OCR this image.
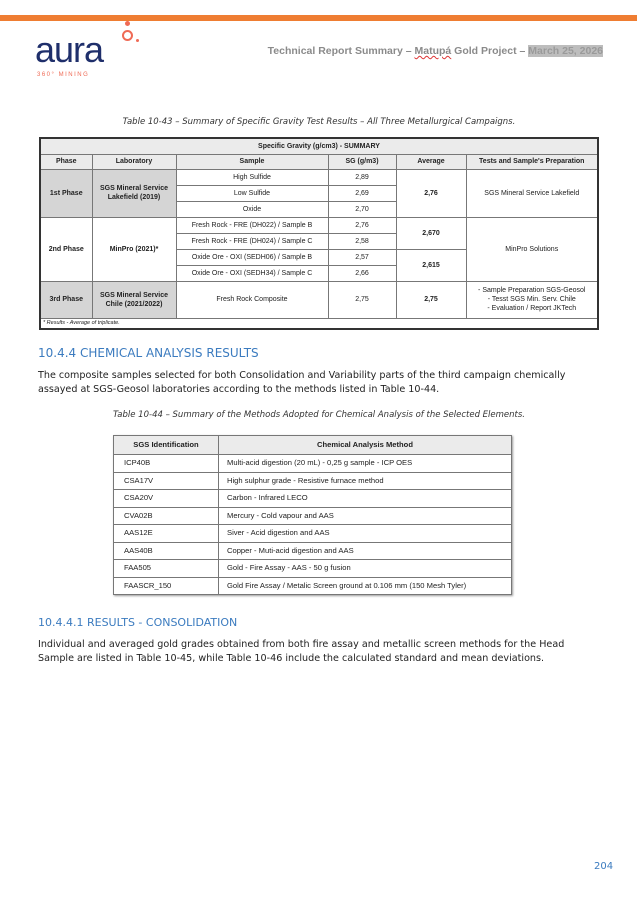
aura
360° MINING
Technical Report Summary – Matupá Gold Project – March 25, 2026
Table 10-43 – Summary of Specific Gravity Test Results – All Three Metallurgical Campaigns.
Specific Gravity (g/cm3) - SUMMARY					
Phase	Laboratory	Sample	SG (g/m3)	Average	Tests and Sample's Preparation
1st Phase	SGS Mineral Service Lakefield (2019)	High Sulfide	2,89	2,76	SGS Mineral Service Lakefield
		Low Sulfide	2,69		
		Oxide	2,70		
2nd Phase	MinPro (2021)*	Fresh Rock - FRE (DH022) / Sample B	2,76	2,670	MinPro Solutions
		Fresh Rock - FRE (DH024) / Sample C	2,58		
		Oxide Ore - OXI (SEDH06) / Sample B	2,57	2,615	
		Oxide Ore - OXI (SEDH34) / Sample C	2,66		
3rd Phase	SGS Mineral Service Chile (2021/2022)	Fresh Rock Composite	2,75	2,75	- Sample Preparation SGS-Geosol
- Tesst SGS Min. Serv. Chile
- Evaluation / Report JKTech

* Results - Average of triplicate.					
10.4.4 CHEMICAL ANALYSIS RESULTS
The composite samples selected for both Consolidation and Variability parts of the third campaign chemically assayed at SGS-Geosol laboratories according to the methods listed in Table 10-44.
Table 10-44 – Summary of the Methods Adopted for Chemical Analysis of the Selected Elements.
SGS Identification	Chemical Analysis Method
ICP40B	Multi-acid digestion (20 mL) - 0,25 g sample - ICP OES
CSA17V	High sulphur grade - Resistive furnace method
CSA20V	Carbon - Infrared LECO
CVA02B	Mercury - Cold vapour and AAS
AAS12E	Siver - Acid digestion and AAS
AAS40B	Copper - Muti-acid digestion and AAS
FAA505	Gold - Fire Assay - AAS - 50 g fusion
FAASCR_150	Gold Fire Assay / Metalic Screen ground at 0.106 mm (150 Mesh Tyler)
10.4.4.1 RESULTS - CONSOLIDATION
Individual and averaged gold grades obtained from both fire assay and metallic screen methods for the Head Sample are listed in Table 10-45, while Table 10-46 include the calculated standard and mean deviations.
204
